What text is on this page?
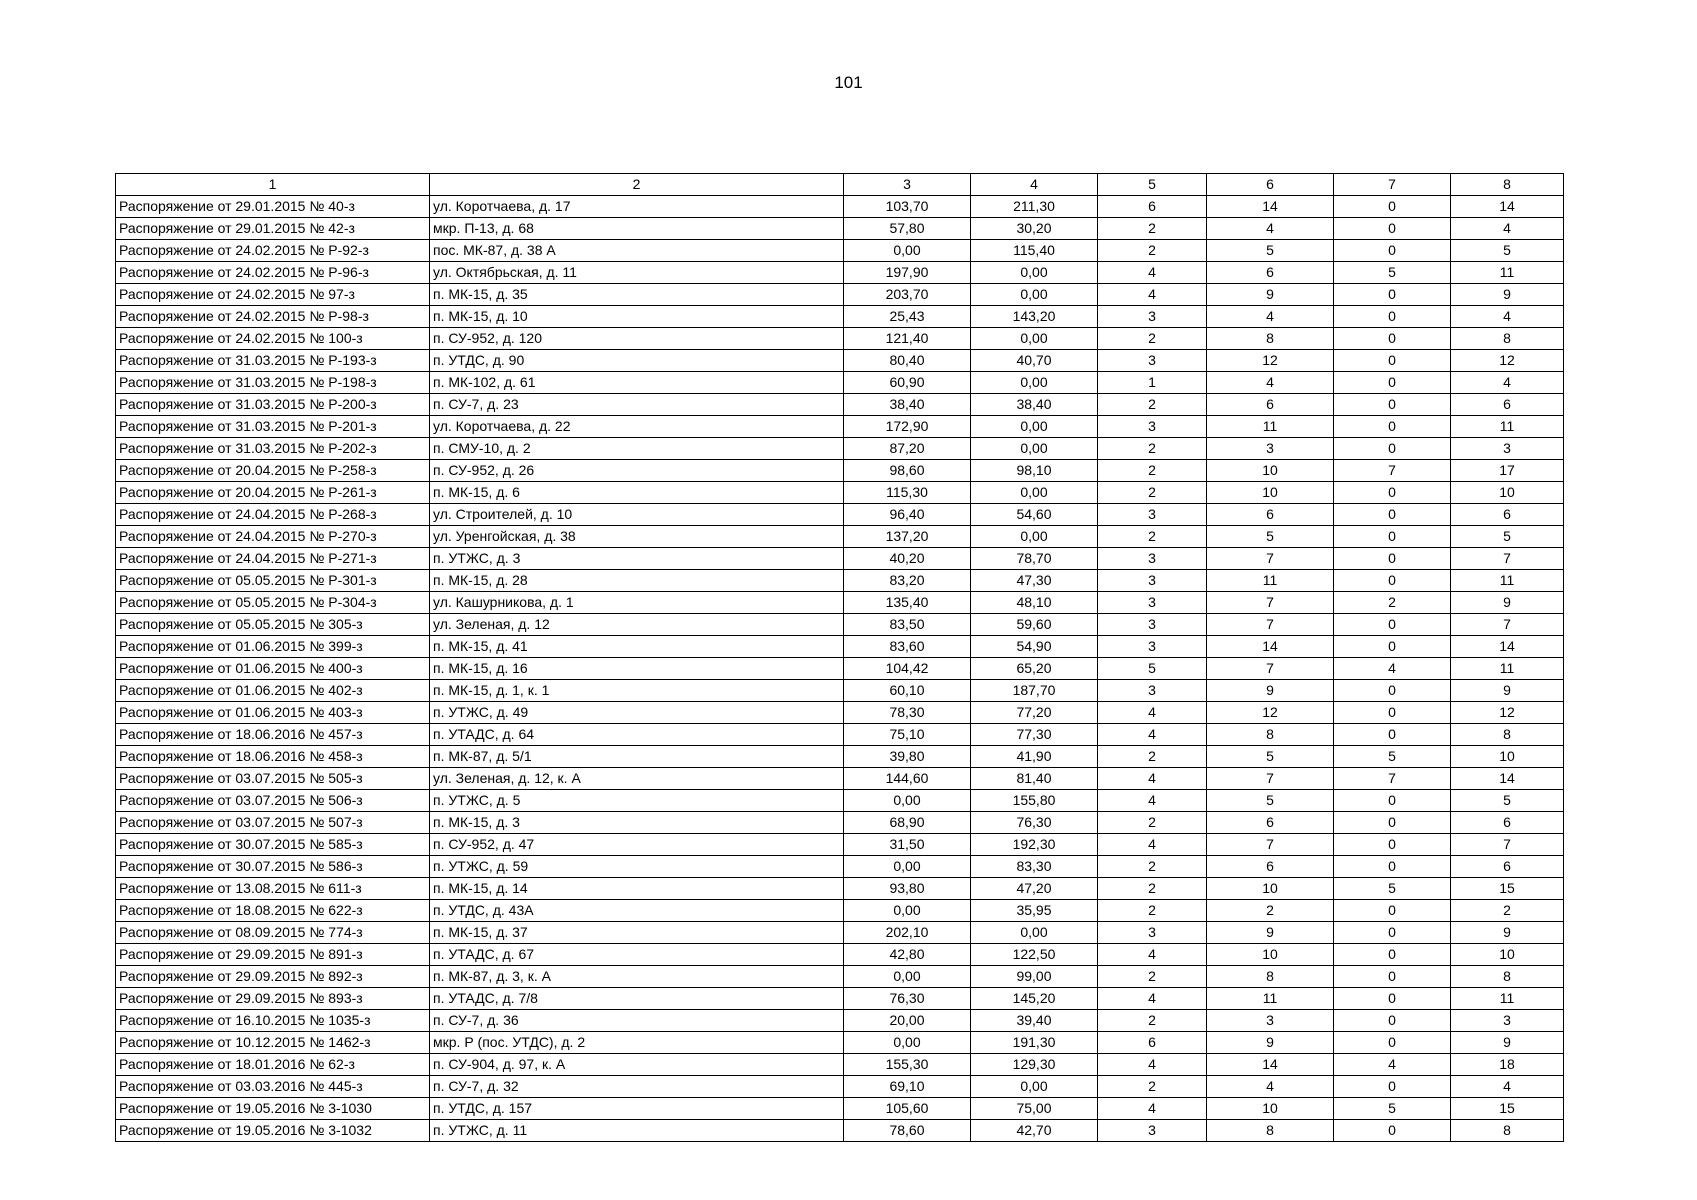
101
1	2	3	4	5	6	7	8
Распоряжение от 29.01.2015 № 40-з	ул. Коротчаева, д. 17	103,70	211,30	6	14	0	14
Распоряжение от 29.01.2015 № 42-з	мкр. П-13, д. 68	57,80	30,20	2	4	0	4
Распоряжение от 24.02.2015 № Р-92-з	пос. МК-87, д. 38 А	0,00	115,40	2	5	0	5
Распоряжение от 24.02.2015 № Р-96-з	ул. Октябрьская, д. 11	197,90	0,00	4	6	5	11
Распоряжение от 24.02.2015 № 97-з	п. МК-15, д. 35	203,70	0,00	4	9	0	9
Распоряжение от 24.02.2015 № Р-98-з	п. МК-15, д. 10	25,43	143,20	3	4	0	4
Распоряжение от 24.02.2015 № 100-з	п. СУ-952, д. 120	121,40	0,00	2	8	0	8
Распоряжение от 31.03.2015 № Р-193-з	п. УТДС, д. 90	80,40	40,70	3	12	0	12
Распоряжение от 31.03.2015 № Р-198-з	п. МК-102, д. 61	60,90	0,00	1	4	0	4
Распоряжение от 31.03.2015 № Р-200-з	п. СУ-7, д. 23	38,40	38,40	2	6	0	6
Распоряжение от 31.03.2015 № Р-201-з	ул. Коротчаева, д. 22	172,90	0,00	3	11	0	11
Распоряжение от 31.03.2015 № Р-202-з	п. СМУ-10, д. 2	87,20	0,00	2	3	0	3
Распоряжение от 20.04.2015 № Р-258-з	п. СУ-952, д. 26	98,60	98,10	2	10	7	17
Распоряжение от 20.04.2015 № Р-261-з	п. МК-15, д. 6	115,30	0,00	2	10	0	10
Распоряжение от 24.04.2015 № Р-268-з	ул. Строителей, д. 10	96,40	54,60	3	6	0	6
Распоряжение от 24.04.2015 № Р-270-з	ул. Уренгойская, д. 38	137,20	0,00	2	5	0	5
Распоряжение от 24.04.2015 № Р-271-з	п. УТЖС, д. 3	40,20	78,70	3	7	0	7
Распоряжение от 05.05.2015 № Р-301-з	п. МК-15, д. 28	83,20	47,30	3	11	0	11
Распоряжение от 05.05.2015 № Р-304-з	ул. Кашурникова, д. 1	135,40	48,10	3	7	2	9
Распоряжение от 05.05.2015 № 305-з	ул. Зеленая, д. 12	83,50	59,60	3	7	0	7
Распоряжение от 01.06.2015 № 399-з	п. МК-15, д. 41	83,60	54,90	3	14	0	14
Распоряжение от 01.06.2015 № 400-з	п. МК-15, д. 16	104,42	65,20	5	7	4	11
Распоряжение от 01.06.2015 № 402-з	п. МК-15, д. 1, к. 1	60,10	187,70	3	9	0	9
Распоряжение от 01.06.2015 № 403-з	п. УТЖС, д. 49	78,30	77,20	4	12	0	12
Распоряжение от 18.06.2016 № 457-з	п. УТАДС, д. 64	75,10	77,30	4	8	0	8
Распоряжение от 18.06.2016 № 458-з	п. МК-87, д. 5/1	39,80	41,90	2	5	5	10
Распоряжение от 03.07.2015 № 505-з	ул. Зеленая, д. 12, к. А	144,60	81,40	4	7	7	14
Распоряжение от 03.07.2015 № 506-з	п. УТЖС, д. 5	0,00	155,80	4	5	0	5
Распоряжение от 03.07.2015 № 507-з	п. МК-15, д. 3	68,90	76,30	2	6	0	6
Распоряжение от 30.07.2015 № 585-з	п. СУ-952, д. 47	31,50	192,30	4	7	0	7
Распоряжение от 30.07.2015 № 586-з	п. УТЖС, д. 59	0,00	83,30	2	6	0	6
Распоряжение от 13.08.2015 № 611-з	п. МК-15, д. 14	93,80	47,20	2	10	5	15
Распоряжение от 18.08.2015 № 622-з	п. УТДС, д. 43А	0,00	35,95	2	2	0	2
Распоряжение от 08.09.2015 № 774-з	п. МК-15, д. 37	202,10	0,00	3	9	0	9
Распоряжение от 29.09.2015 № 891-з	п. УТАДС, д. 67	42,80	122,50	4	10	0	10
Распоряжение от 29.09.2015 № 892-з	п. МК-87, д. 3, к. А	0,00	99,00	2	8	0	8
Распоряжение от 29.09.2015 № 893-з	п. УТАДС, д. 7/8	76,30	145,20	4	11	0	11
Распоряжение от 16.10.2015 № 1035-з	п. СУ-7, д. 36	20,00	39,40	2	3	0	3
Распоряжение от 10.12.2015 № 1462-з	мкр. Р (пос. УТДС), д. 2	0,00	191,30	6	9	0	9
Распоряжение от 18.01.2016 № 62-з	п. СУ-904, д. 97, к. А	155,30	129,30	4	14	4	18
Распоряжение от 03.03.2016 № 445-з	п. СУ-7, д. 32	69,10	0,00	2	4	0	4
Распоряжение от 19.05.2016 № 3-1030	п. УТДС, д. 157	105,60	75,00	4	10	5	15
Распоряжение от 19.05.2016 № 3-1032	п. УТЖС, д. 11	78,60	42,70	3	8	0	8
